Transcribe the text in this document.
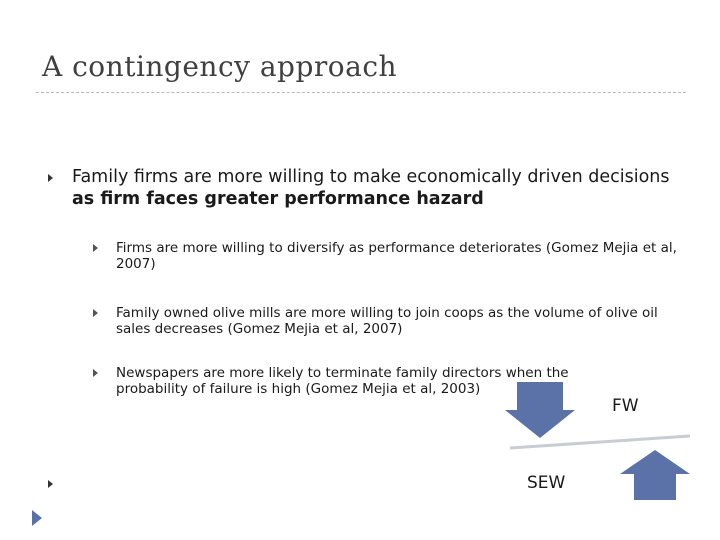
A contingency approach
Family firms are more willing to make economically driven decisions as firm faces greater performance hazard
Firms are more willing to diversify as performance deteriorates (Gomez Mejia et al, 2007)
Family owned olive mills are more willing to join coops as the volume of olive oil sales decreases (Gomez Mejia et al, 2007)
Newspapers are more likely to terminate family directors when the probability of failure is high (Gomez Mejia et al, 2003)
FW
SEW
